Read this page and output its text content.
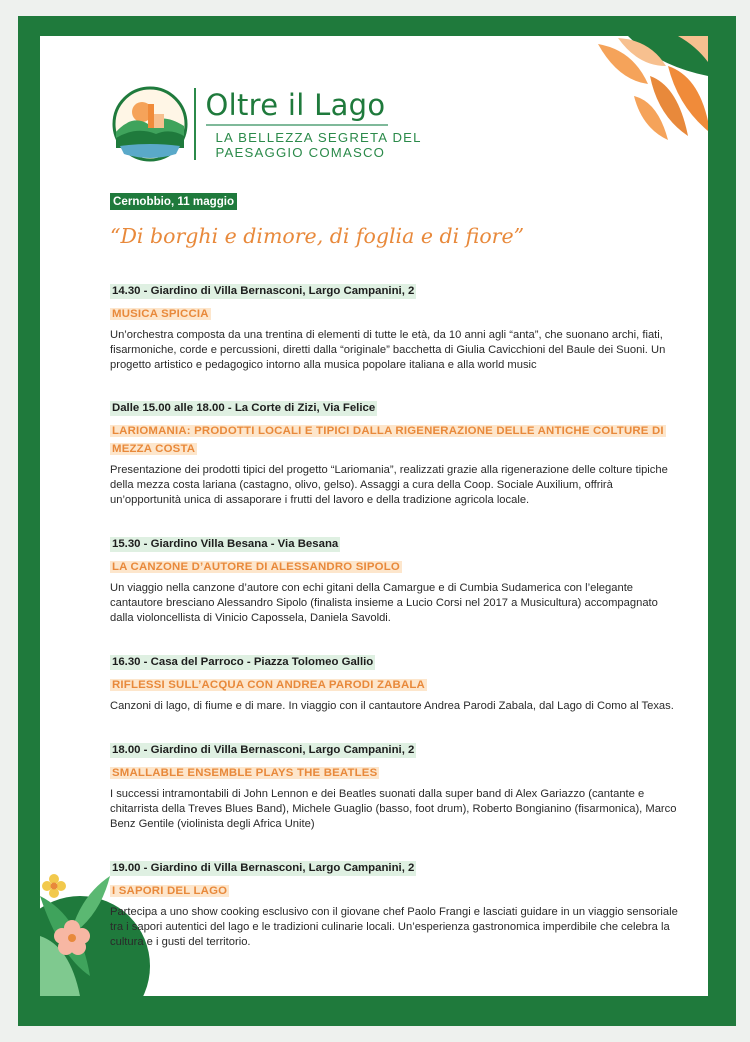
Oltre il Lago
LA BELLEZZA SEGRETA DEL
PAESAGGIO COMASCO
Cernobbio, 11 maggio
“Di borghi e dimore, di foglia e di fiore”
14.30 - Giardino di Villa Bernasconi, Largo Campanini, 2
MUSICA SPICCIA
Un’orchestra composta da una trentina di elementi di tutte le età, da 10 anni agli “anta”, che suonano archi, fiati, fisarmoniche, corde e percussioni, diretti dalla “originale” bacchetta di Giulia Cavicchioni del Baule dei Suoni. Un progetto artistico e pedagogico intorno alla musica popolare italiana e alla world music
Dalle 15.00 alle 18.00 - La Corte di Zizi, Via Felice
LARIOMANIA: PRODOTTI LOCALI E TIPICI DALLA RIGENERAZIONE DELLE ANTICHE COLTURE DI MEZZA COSTA
Presentazione dei prodotti tipici del progetto “Lariomania”, realizzati grazie alla rigenerazione delle colture tipiche della mezza costa lariana (castagno, olivo, gelso). Assaggi a cura della Coop. Sociale Auxilium, offrirà un’opportunità unica di assaporare i frutti del lavoro e della tradizione agricola locale.
15.30 - Giardino Villa Besana - Via Besana
LA CANZONE D’AUTORE DI ALESSANDRO SIPOLO
Un viaggio nella canzone d’autore con echi gitani della Camargue e di Cumbia Sudamerica con l’elegante cantautore bresciano Alessandro Sipolo (finalista insieme a Lucio Corsi nel 2017 a Musicultura) accompagnato dalla violoncellista di Vinicio Capossela, Daniela Savoldi.
16.30 - Casa del Parroco - Piazza Tolomeo Gallio
RIFLESSI SULL’ACQUA CON ANDREA PARODI ZABALA
Canzoni di lago, di fiume e di mare. In viaggio con il cantautore Andrea Parodi Zabala, dal Lago di Como al Texas.
18.00 - Giardino di Villa Bernasconi, Largo Campanini, 2
SMALLABLE ENSEMBLE PLAYS THE BEATLES
I successi intramontabili di John Lennon e dei Beatles suonati dalla super band di Alex Gariazzo (cantante e chitarrista della Treves Blues Band), Michele Guaglio (basso, foot drum), Roberto Bongianino (fisarmonica), Marco Benz Gentile (violinista degli Africa Unite)
19.00 - Giardino di Villa Bernasconi, Largo Campanini, 2
I SAPORI DEL LAGO
Partecipa a uno show cooking esclusivo con il giovane chef Paolo Frangi e lasciati guidare in un viaggio sensoriale tra i sapori autentici del lago e le tradizioni culinarie locali. Un’esperienza gastronomica imperdibile che celebra la cultura e i gusti del territorio.
